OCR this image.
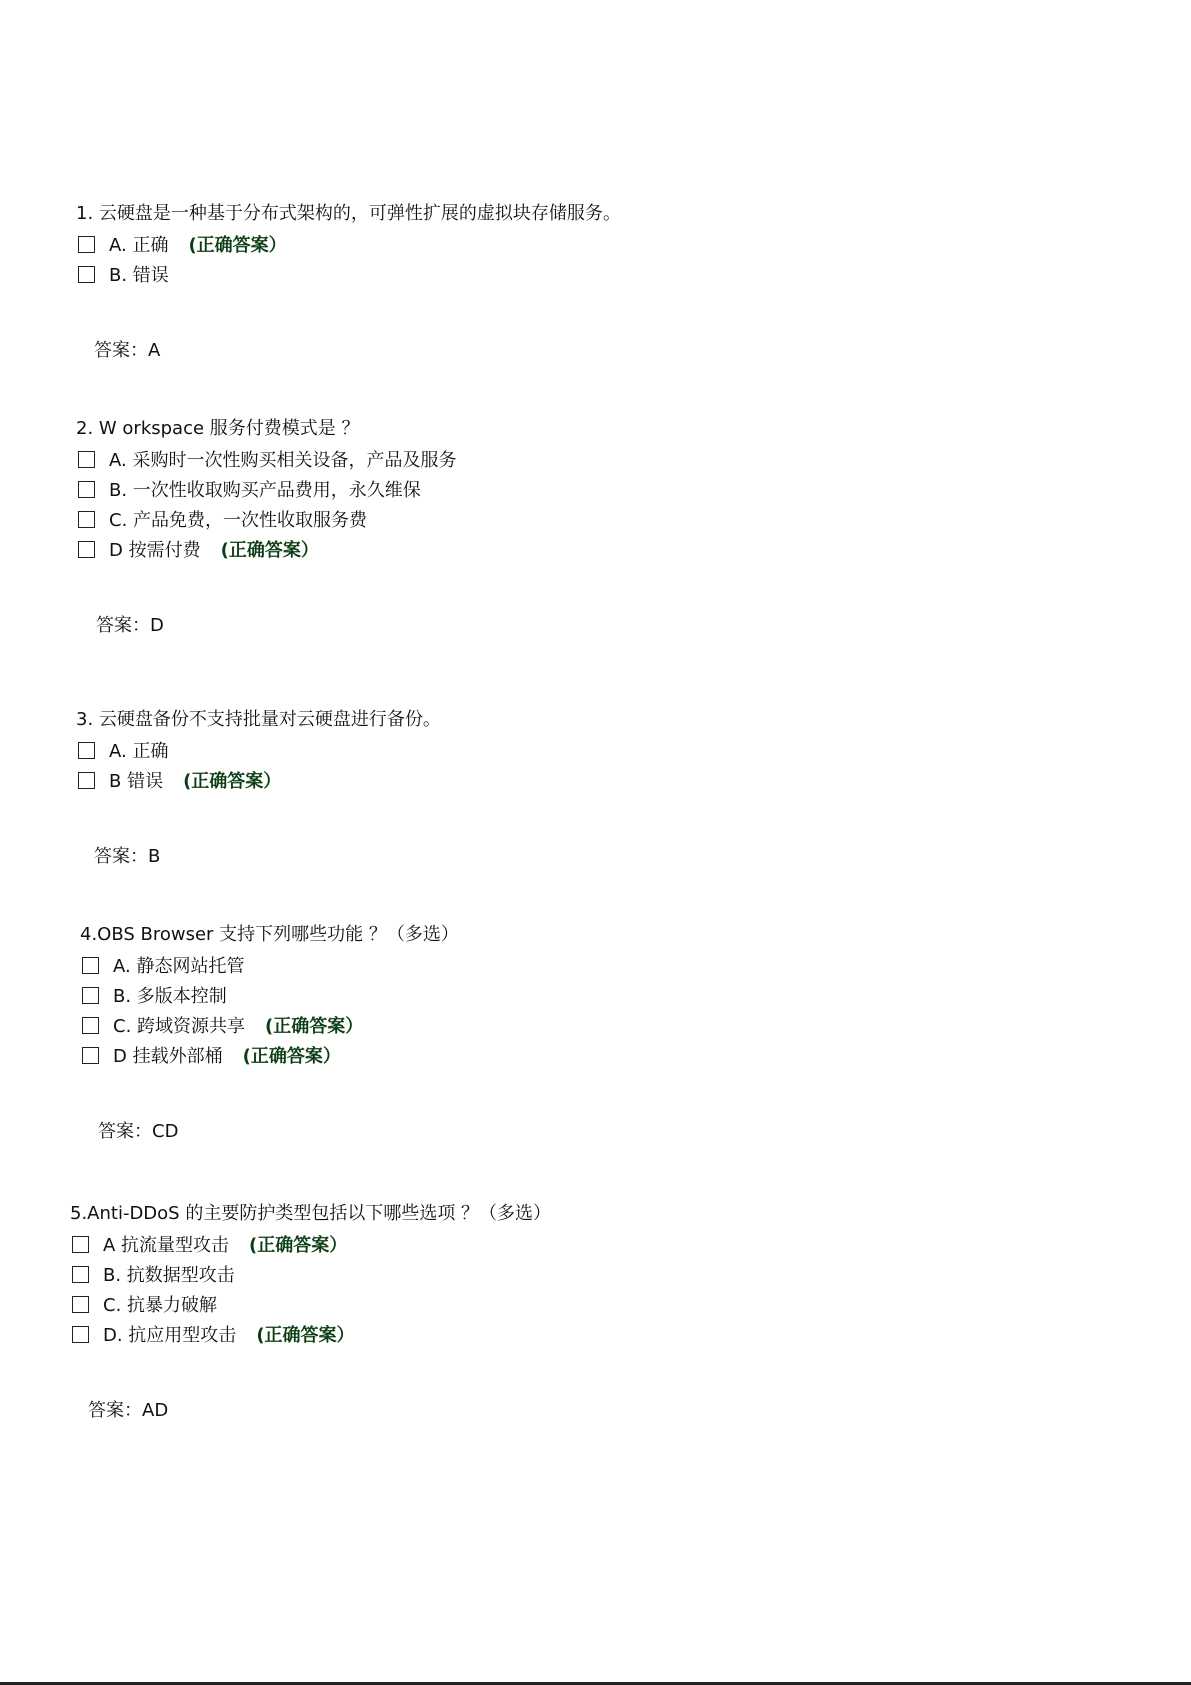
1. 云硬盘是一种基于分布式架构的，可弹性扩展的虚拟块存储服务。
A. 正确 (正确答案）
B. 错误
答案：A
2. W orkspace 服务付费模式是 ？
A. 采购时一次性购买相关设备，产品及服务
B. 一次性收取购买产品费用，永久维保
C. 产品免费，一次性收取服务费
D 按需付费 (正确答案）
答案：D
3. 云硬盘备份不支持批量对云硬盘进行备份。
A. 正确
B 错误 (正确答案）
答案：B
4.OBS Browser 支持下列哪些功能 ？（多选）
A. 静态网站托管
B. 多版本控制
C. 跨域资源共享 (正确答案）
D 挂载外部桶 (正确答案）
答案：CD
5.Anti-DDoS 的主要防护类型包括以下哪些选项 ？（多选）
A 抗流量型攻击 (正确答案）
B. 抗数据型攻击
C. 抗暴力破解
D. 抗应用型攻击 (正确答案）
答案：AD
